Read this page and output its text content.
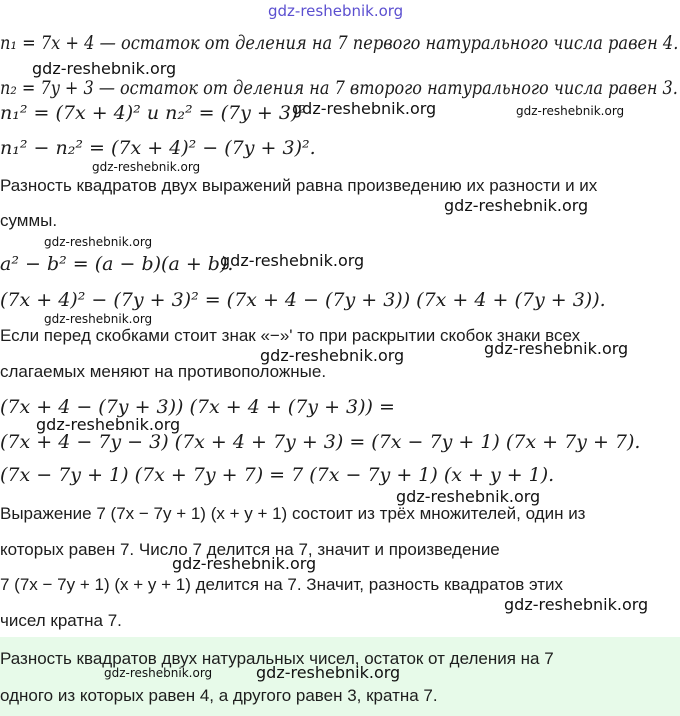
gdz-reshebnik.org
n₁ = 7x + 4 — остаток от деления на 7 первого натурального числа равен 4.
gdz-reshebnik.org
n₂ = 7y + 3 — остаток от деления на 7 второго натурального числа равен 3.
n₁² = (7x + 4)² и n₂² = (7y + 3)²
gdz-reshebnik.org	gdz-reshebnik.org
n₁² − n₂² = (7x + 4)² − (7y + 3)².
gdz-reshebnik.org
Разность квадратов двух выражений равна произведению их разности и их
gdz-reshebnik.org
суммы.
gdz-reshebnik.org
a² − b² = (a − b)(a + b).
gdz-reshebnik.org
(7x + 4)² − (7y + 3)² = (7x + 4 − (7y + 3)) (7x + 4 + (7y + 3)).
gdz-reshebnik.org
Если перед скобками стоит знак «−»' то при раскрытии скобок знаки всех
gdz-reshebnik.org	gdz-reshebnik.org
слагаемых меняют на противоположные.
(7x + 4 − (7y + 3)) (7x + 4 + (7y + 3)) =
gdz-reshebnik.org
(7x + 4 − 7y − 3) (7x + 4 + 7y + 3) = (7x − 7y + 1) (7x + 7y + 7).
(7x − 7y + 1) (7x + 7y + 7) = 7 (7x − 7y + 1) (x + y + 1).
gdz-reshebnik.org
Выражение 7 (7x − 7y + 1) (x + y + 1) состоит из трёх множителей, один из
которых равен 7. Число 7 делится на 7, значит и произведение
gdz-reshebnik.org
7 (7x − 7y + 1) (x + y + 1) делится на 7. Значит, разность квадратов этих
gdz-reshebnik.org
чисел кратна 7.
Разность квадратов двух натуральных чисел, остаток от деления на 7
gdz-reshebnik.org	gdz-reshebnik.org
одного из которых равен 4, а другого равен 3, кратна 7.
